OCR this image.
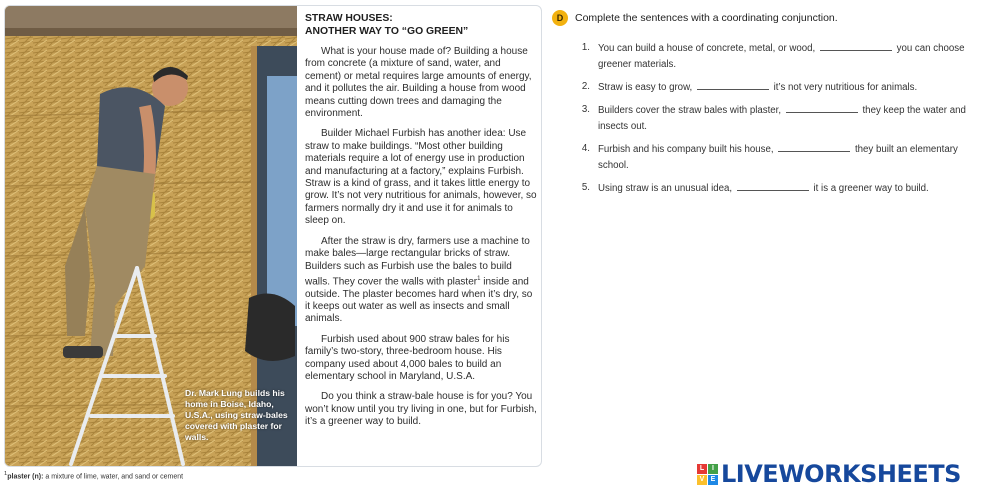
Dr. Mark Lung builds his home in Boise, Idaho, U.S.A., using straw-bales covered with plaster for walls.
STRAW HOUSES:
ANOTHER WAY TO “GO GREEN”

What is your house made of? Building a house from concrete (a mixture of sand, water, and cement) or metal requires large amounts of energy, and it pollutes the air. Building a house from wood means cutting down trees and damaging the environment.

Builder Michael Furbish has another idea: Use straw to make buildings. “Most other building materials require a lot of energy use in production and manufacturing at a factory,” explains Furbish. Straw is a kind of grass, and it takes little energy to grow. It’s not very nutritious for animals, however, so farmers normally dry it and use it for animals to sleep on.

After the straw is dry, farmers use a machine to make bales—large rectangular bricks of straw. Builders such as Furbish use the bales to build walls. They cover the walls with plaster$^1$ inside and outside. The plaster becomes hard when it’s dry, so it keeps out water as well as insects and small animals.

Furbish used about 900 straw bales for his family’s two-story, three-bedroom house. His company used about 4,000 bales to build an elementary school in Maryland, U.S.A.

Do you think a straw-bale house is for you? You won’t know until you try living in one, but for Furbish, it’s a greener way to build.

$^1$plaster (n): a mixture of lime, water, and sand or cement
D	Complete the sentences with a coordinating conjunction.
1. You can build a house of concrete, metal, or wood,	you can choose greener materials.
2. Straw is easy to grow,	it’s not very nutritious for animals.
3. Builders cover the straw bales with plaster,	they keep the water and insects out.
4. Furbish and his company built his house,	they built an elementary school.
5. Using straw is an unusual idea,	it is a greener way to build.
L	I
V E LIVEWORKSHEETS
